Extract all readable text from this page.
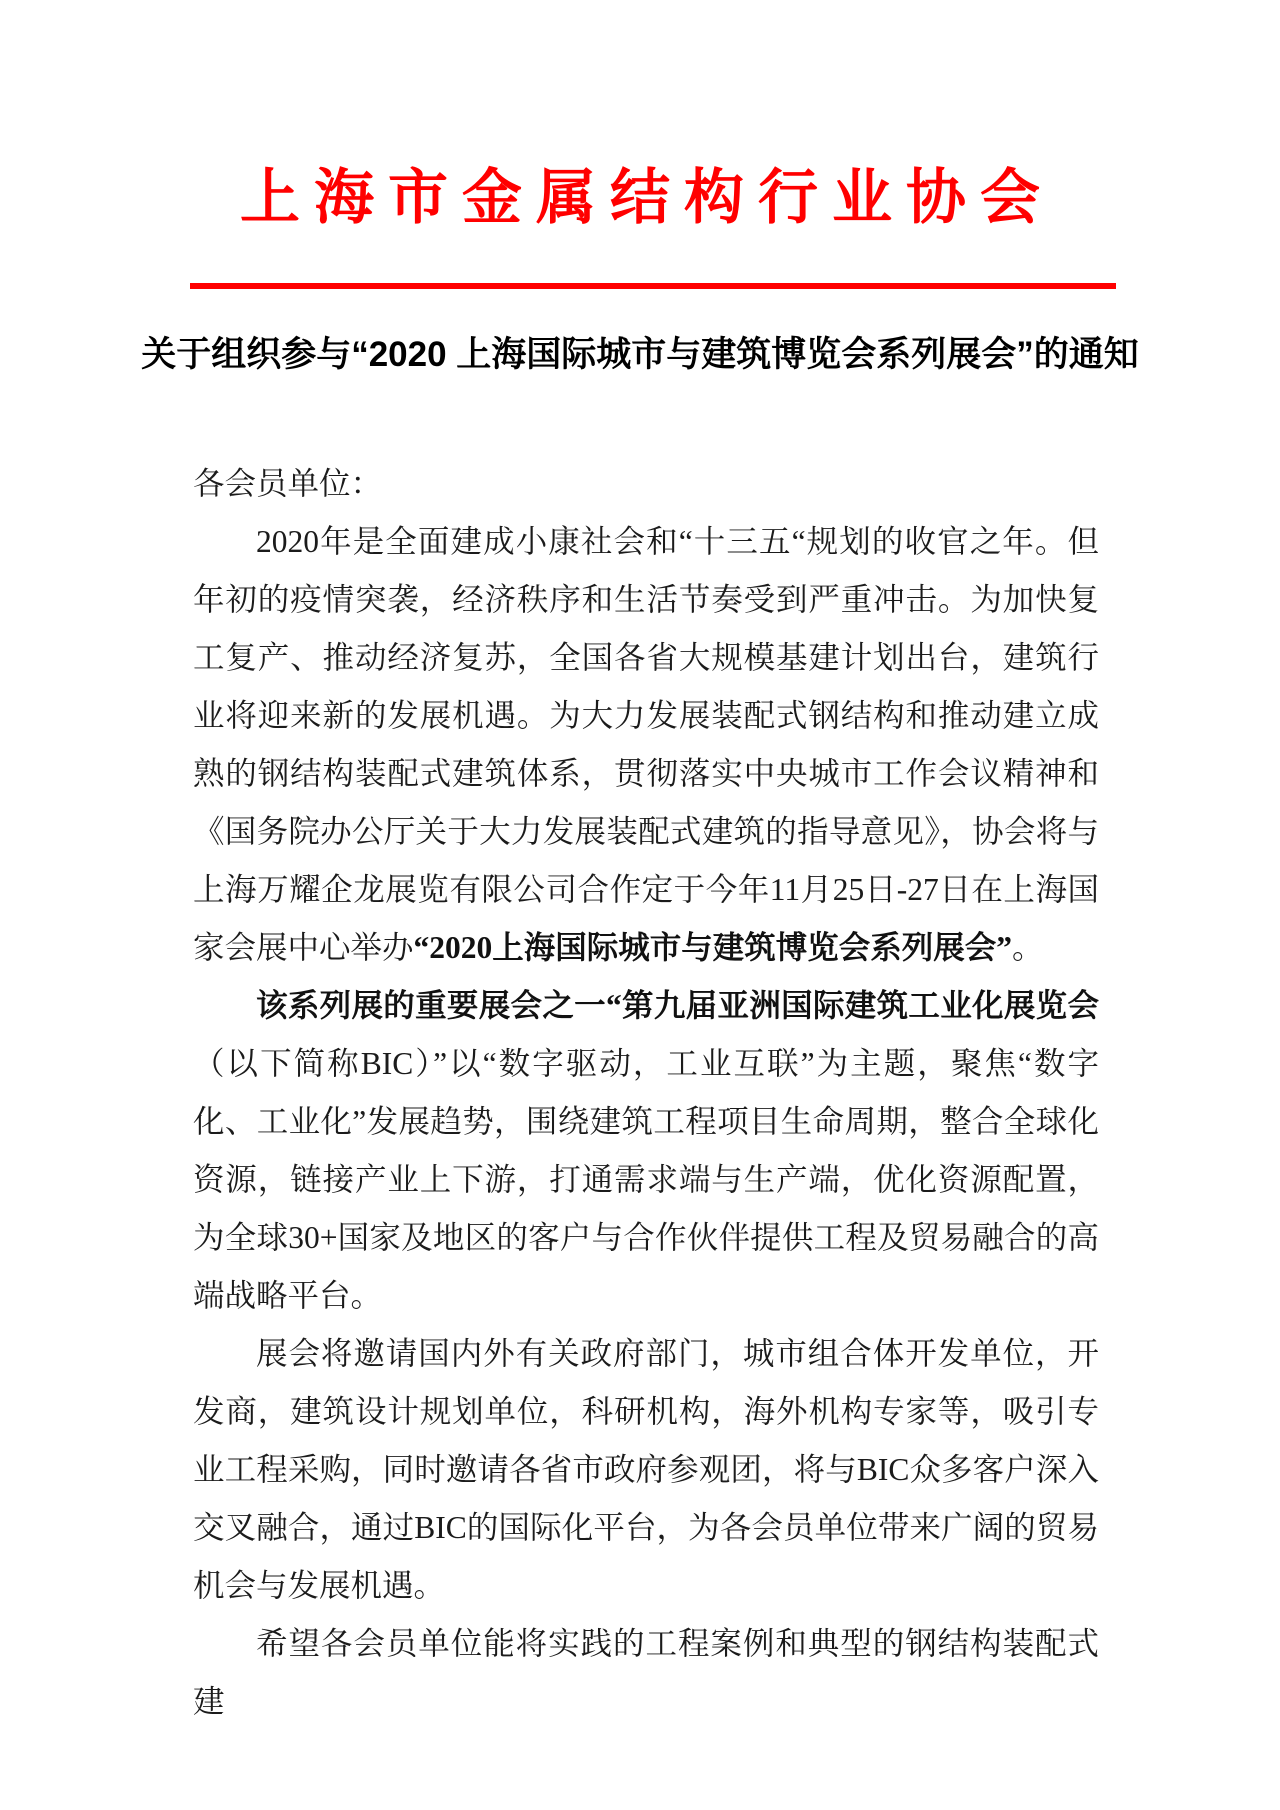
上海市金属结构行业协会
关于组织参与“2020 上海国际城市与建筑博览会系列展会”的通知

各会员单位：

2020年是全面建成小康社会和“十三五“规划的收官之年。但年初的疫情突袭，经济秩序和生活节奏受到严重冲击。为加快复工复产、推动经济复苏，全国各省大规模基建计划出台，建筑行业将迎来新的发展机遇。为大力发展装配式钢结构和推动建立成熟的钢结构装配式建筑体系，贯彻落实中央城市工作会议精神和《国务院办公厅关于大力发展装配式建筑的指导意见》，协会将与上海万耀企龙展览有限公司合作定于今年11月25日-27日在上海国家会展中心举办“2020上海国际城市与建筑博览会系列展会”。

该系列展的重要展会之一“第九届亚洲国际建筑工业化展览会（以下简称BIC）”以“数字驱动，工业互联”为主题，聚焦“数字化、工业化”发展趋势，围绕建筑工程项目生命周期，整合全球化资源，链接产业上下游，打通需求端与生产端，优化资源配置，为全球30+国家及地区的客户与合作伙伴提供工程及贸易融合的高端战略平台。

展会将邀请国内外有关政府部门，城市组合体开发单位，开发商，建筑设计规划单位，科研机构，海外机构专家等，吸引专业工程采购，同时邀请各省市政府参观团，将与BIC众多客户深入交叉融合，通过BIC的国际化平台，为各会员单位带来广阔的贸易机会与发展机遇。

希望各会员单位能将实践的工程案例和典型的钢结构装配式建
